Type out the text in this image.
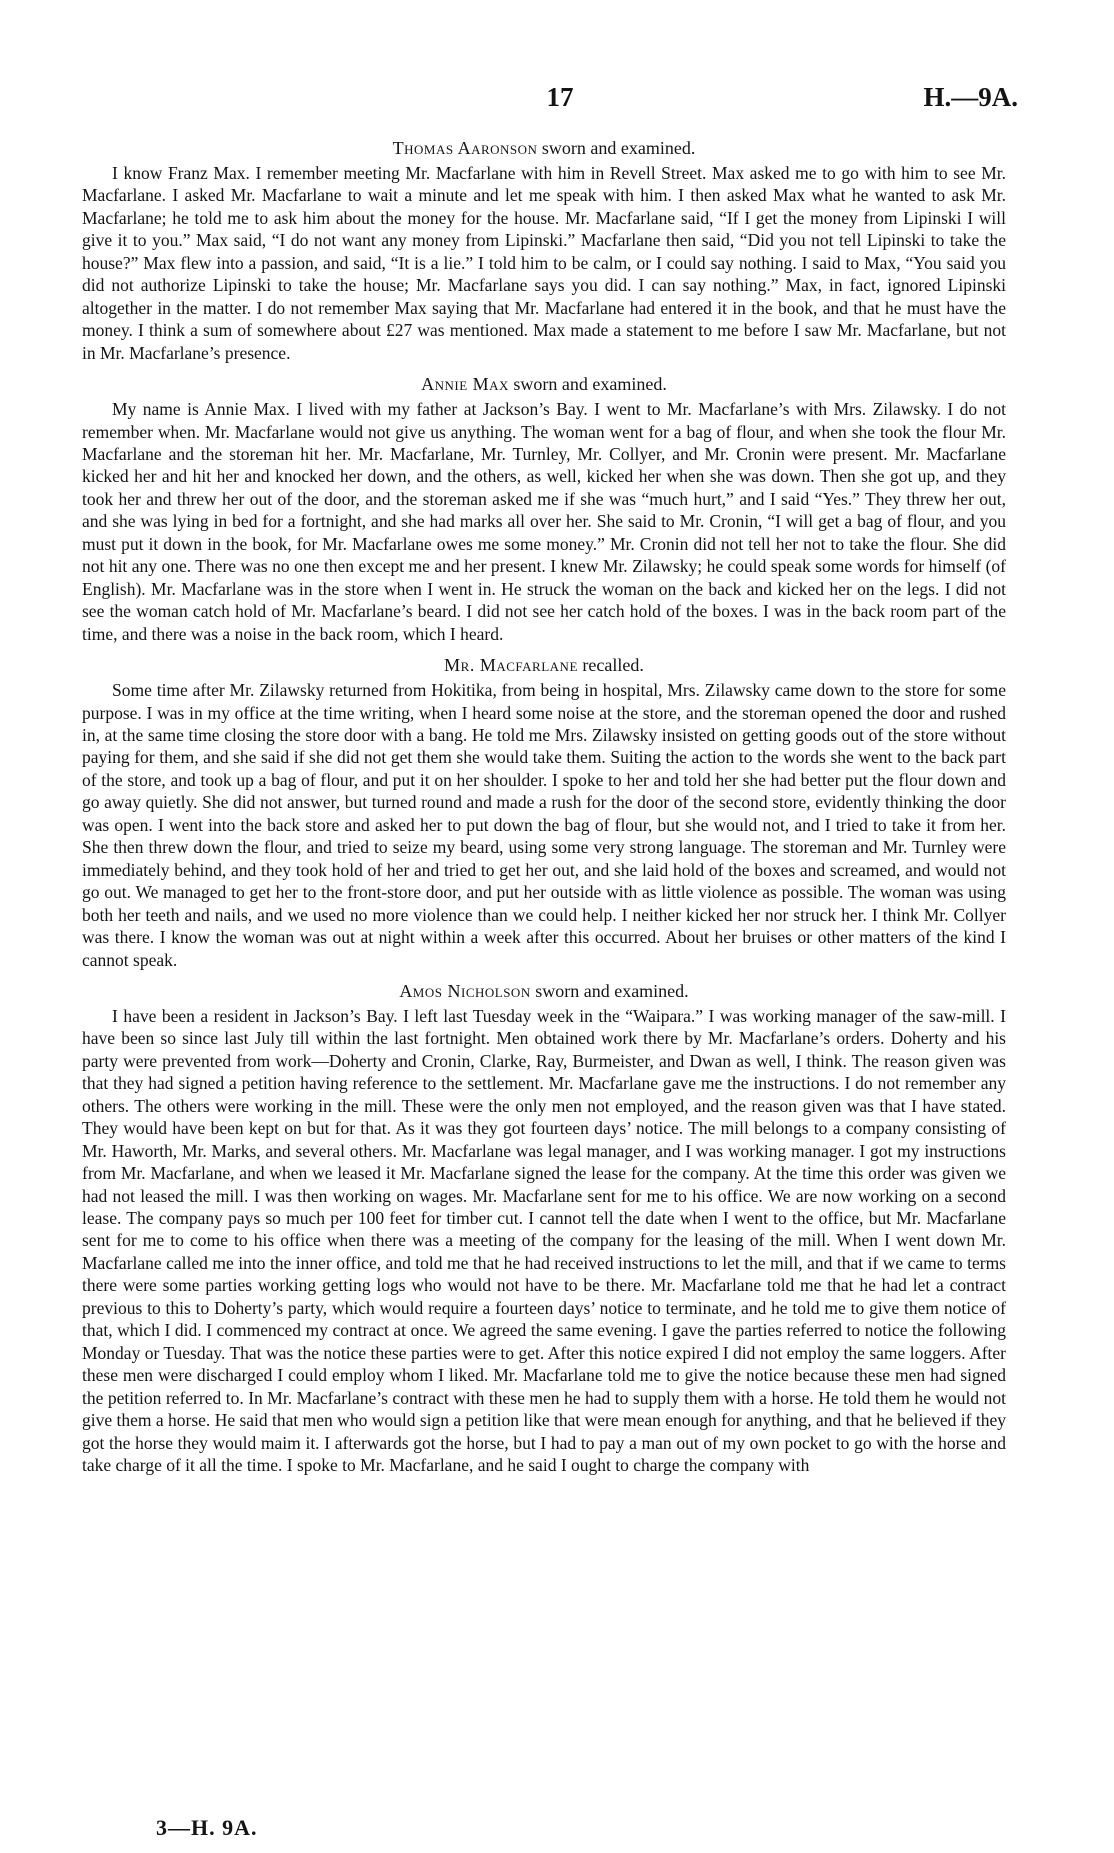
17	H.—9A.
Thomas Aaronson sworn and examined.

I know Franz Max. I remember meeting Mr. Macfarlane with him in Revell Street. Max asked me to go with him to see Mr. Macfarlane. I asked Mr. Macfarlane to wait a minute and let me speak with him. I then asked Max what he wanted to ask Mr. Macfarlane; he told me to ask him about the money for the house. Mr. Macfarlane said, “If I get the money from Lipinski I will give it to you.” Max said, “I do not want any money from Lipinski.” Macfarlane then said, “Did you not tell Lipinski to take the house?” Max flew into a passion, and said, “It is a lie.” I told him to be calm, or I could say nothing. I said to Max, “You said you did not authorize Lipinski to take the house; Mr. Macfarlane says you did. I can say nothing.” Max, in fact, ignored Lipinski altogether in the matter. I do not remember Max saying that Mr. Macfarlane had entered it in the book, and that he must have the money. I think a sum of somewhere about £27 was mentioned. Max made a statement to me before I saw Mr. Macfarlane, but not in Mr. Macfarlane’s presence.

Annie Max sworn and examined.

My name is Annie Max. I lived with my father at Jackson’s Bay. I went to Mr. Macfarlane’s with Mrs. Zilawsky. I do not remember when. Mr. Macfarlane would not give us anything. The woman went for a bag of flour, and when she took the flour Mr. Macfarlane and the storeman hit her. Mr. Macfarlane, Mr. Turnley, Mr. Collyer, and Mr. Cronin were present. Mr. Macfarlane kicked her and hit her and knocked her down, and the others, as well, kicked her when she was down. Then she got up, and they took her and threw her out of the door, and the storeman asked me if she was “much hurt,” and I said “Yes.” They threw her out, and she was lying in bed for a fortnight, and she had marks all over her. She said to Mr. Cronin, “I will get a bag of flour, and you must put it down in the book, for Mr. Macfarlane owes me some money.” Mr. Cronin did not tell her not to take the flour. She did not hit any one. There was no one then except me and her present. I knew Mr. Zilawsky; he could speak some words for himself (of English). Mr. Macfarlane was in the store when I went in. He struck the woman on the back and kicked her on the legs. I did not see the woman catch hold of Mr. Macfarlane’s beard. I did not see her catch hold of the boxes. I was in the back room part of the time, and there was a noise in the back room, which I heard.

Mr. Macfarlane recalled.

Some time after Mr. Zilawsky returned from Hokitika, from being in hospital, Mrs. Zilawsky came down to the store for some purpose. I was in my office at the time writing, when I heard some noise at the store, and the storeman opened the door and rushed in, at the same time closing the store door with a bang. He told me Mrs. Zilawsky insisted on getting goods out of the store without paying for them, and she said if she did not get them she would take them. Suiting the action to the words she went to the back part of the store, and took up a bag of flour, and put it on her shoulder. I spoke to her and told her she had better put the flour down and go away quietly. She did not answer, but turned round and made a rush for the door of the second store, evidently thinking the door was open. I went into the back store and asked her to put down the bag of flour, but she would not, and I tried to take it from her. She then threw down the flour, and tried to seize my beard, using some very strong language. The storeman and Mr. Turnley were immediately behind, and they took hold of her and tried to get her out, and she laid hold of the boxes and screamed, and would not go out. We managed to get her to the front-store door, and put her outside with as little violence as possible. The woman was using both her teeth and nails, and we used no more violence than we could help. I neither kicked her nor struck her. I think Mr. Collyer was there. I know the woman was out at night within a week after this occurred. About her bruises or other matters of the kind I cannot speak.

Amos Nicholson sworn and examined.

I have been a resident in Jackson’s Bay. I left last Tuesday week in the “Waipara.” I was working manager of the saw-mill. I have been so since last July till within the last fortnight. Men obtained work there by Mr. Macfarlane’s orders. Doherty and his party were prevented from work—Doherty and Cronin, Clarke, Ray, Burmeister, and Dwan as well, I think. The reason given was that they had signed a petition having reference to the settlement. Mr. Macfarlane gave me the instructions. I do not remember any others. The others were working in the mill. These were the only men not employed, and the reason given was that I have stated. They would have been kept on but for that. As it was they got fourteen days’ notice. The mill belongs to a company consisting of Mr. Haworth, Mr. Marks, and several others. Mr. Macfarlane was legal manager, and I was working manager. I got my instructions from Mr. Macfarlane, and when we leased it Mr. Macfarlane signed the lease for the company. At the time this order was given we had not leased the mill. I was then working on wages. Mr. Macfarlane sent for me to his office. We are now working on a second lease. The company pays so much per 100 feet for timber cut. I cannot tell the date when I went to the office, but Mr. Macfarlane sent for me to come to his office when there was a meeting of the company for the leasing of the mill. When I went down Mr. Macfarlane called me into the inner office, and told me that he had received instructions to let the mill, and that if we came to terms there were some parties working getting logs who would not have to be there. Mr. Macfarlane told me that he had let a contract previous to this to Doherty’s party, which would require a fourteen days’ notice to terminate, and he told me to give them notice of that, which I did. I commenced my contract at once. We agreed the same evening. I gave the parties referred to notice the following Monday or Tuesday. That was the notice these parties were to get. After this notice expired I did not employ the same loggers. After these men were discharged I could employ whom I liked. Mr. Macfarlane told me to give the notice because these men had signed the petition referred to. In Mr. Macfarlane’s contract with these men he had to supply them with a horse. He told them he would not give them a horse. He said that men who would sign a petition like that were mean enough for anything, and that he believed if they got the horse they would maim it. I afterwards got the horse, but I had to pay a man out of my own pocket to go with the horse and take charge of it all the time. I spoke to Mr. Macfarlane, and he said I ought to charge the company with

3—H. 9A.
